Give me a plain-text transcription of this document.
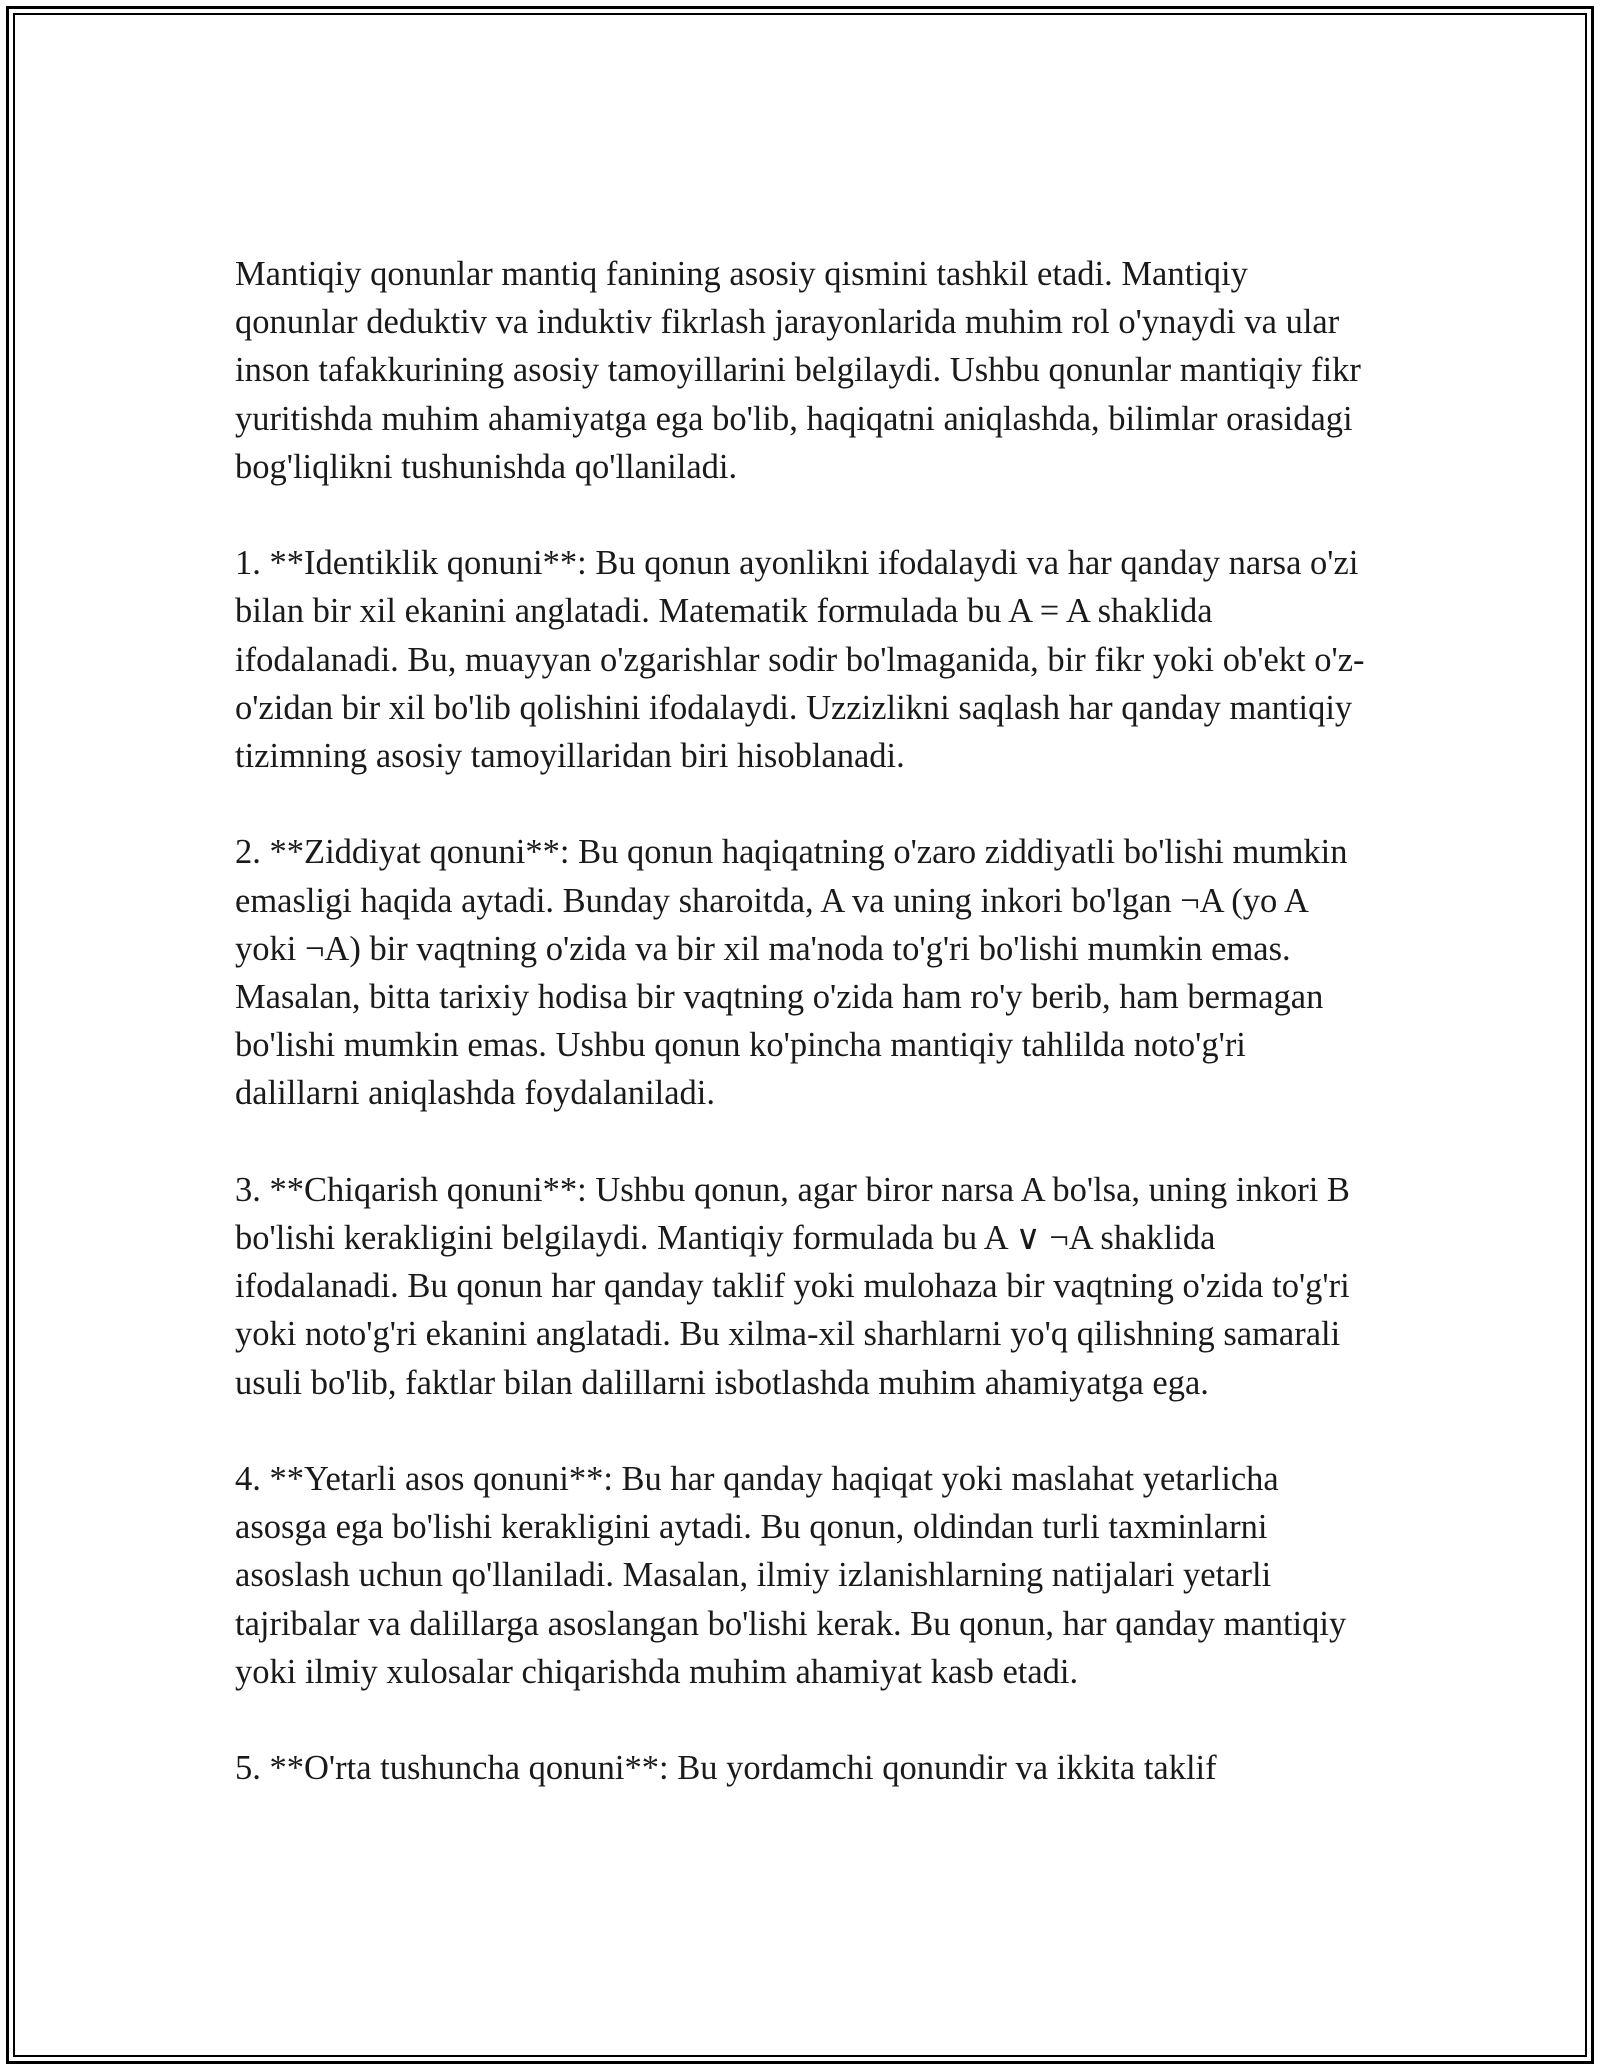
Mantiqiy qonunlar mantiq fanining asosiy qismini tashkil etadi. Mantiqiy qonunlar deduktiv va induktiv fikrlash jarayonlarida muhim rol o'ynaydi va ular inson tafakkurining asosiy tamoyillarini belgilaydi. Ushbu qonunlar mantiqiy fikr yuritishda muhim ahamiyatga ega bo'lib, haqiqatni aniqlashda, bilimlar orasidagi bog'liqlikni tushunishda qo'llaniladi.

1. **Identiklik qonuni**: Bu qonun ayonlikni ifodalaydi va har qanday narsa o'zi bilan bir xil ekanini anglatadi. Matematik formulada bu A = A shaklida ifodalanadi. Bu, muayyan o'zgarishlar sodir bo'lmaganida, bir fikr yoki ob'ekt o'z-o'zidan bir xil bo'lib qolishini ifodalaydi. Uzzizlikni saqlash har qanday mantiqiy tizimning asosiy tamoyillaridan biri hisoblanadi.

2. **Ziddiyat qonuni**: Bu qonun haqiqatning o'zaro ziddiyatli bo'lishi mumkin emasligi haqida aytadi. Bunday sharoitda, A va uning inkori bo'lgan ¬A (yo A yoki ¬A) bir vaqtning o'zida va bir xil ma'noda to'g'ri bo'lishi mumkin emas. Masalan, bitta tarixiy hodisa bir vaqtning o'zida ham ro'y berib, ham bermagan bo'lishi mumkin emas. Ushbu qonun ko'pincha mantiqiy tahlilda noto'g'ri dalillarni aniqlashda foydalaniladi.

3. **Chiqarish qonuni**: Ushbu qonun, agar biror narsa A bo'lsa, uning inkori B bo'lishi kerakligini belgilaydi. Mantiqiy formulada bu A ∨ ¬A shaklida ifodalanadi. Bu qonun har qanday taklif yoki mulohaza bir vaqtning o'zida to'g'ri yoki noto'g'ri ekanini anglatadi. Bu xilma-xil sharhlarni yo'q qilishning samarali usuli bo'lib, faktlar bilan dalillarni isbotlashda muhim ahamiyatga ega.

4. **Yetarli asos qonuni**: Bu har qanday haqiqat yoki maslahat yetarlicha asosga ega bo'lishi kerakligini aytadi. Bu qonun, oldindan turli taxminlarni asoslash uchun qo'llaniladi. Masalan, ilmiy izlanishlarning natijalari yetarli tajribalar va dalillarga asoslangan bo'lishi kerak. Bu qonun, har qanday mantiqiy yoki ilmiy xulosalar chiqarishda muhim ahamiyat kasb etadi.

5. **O'rta tushuncha qonuni**: Bu yordamchi qonundir va ikkita taklif
